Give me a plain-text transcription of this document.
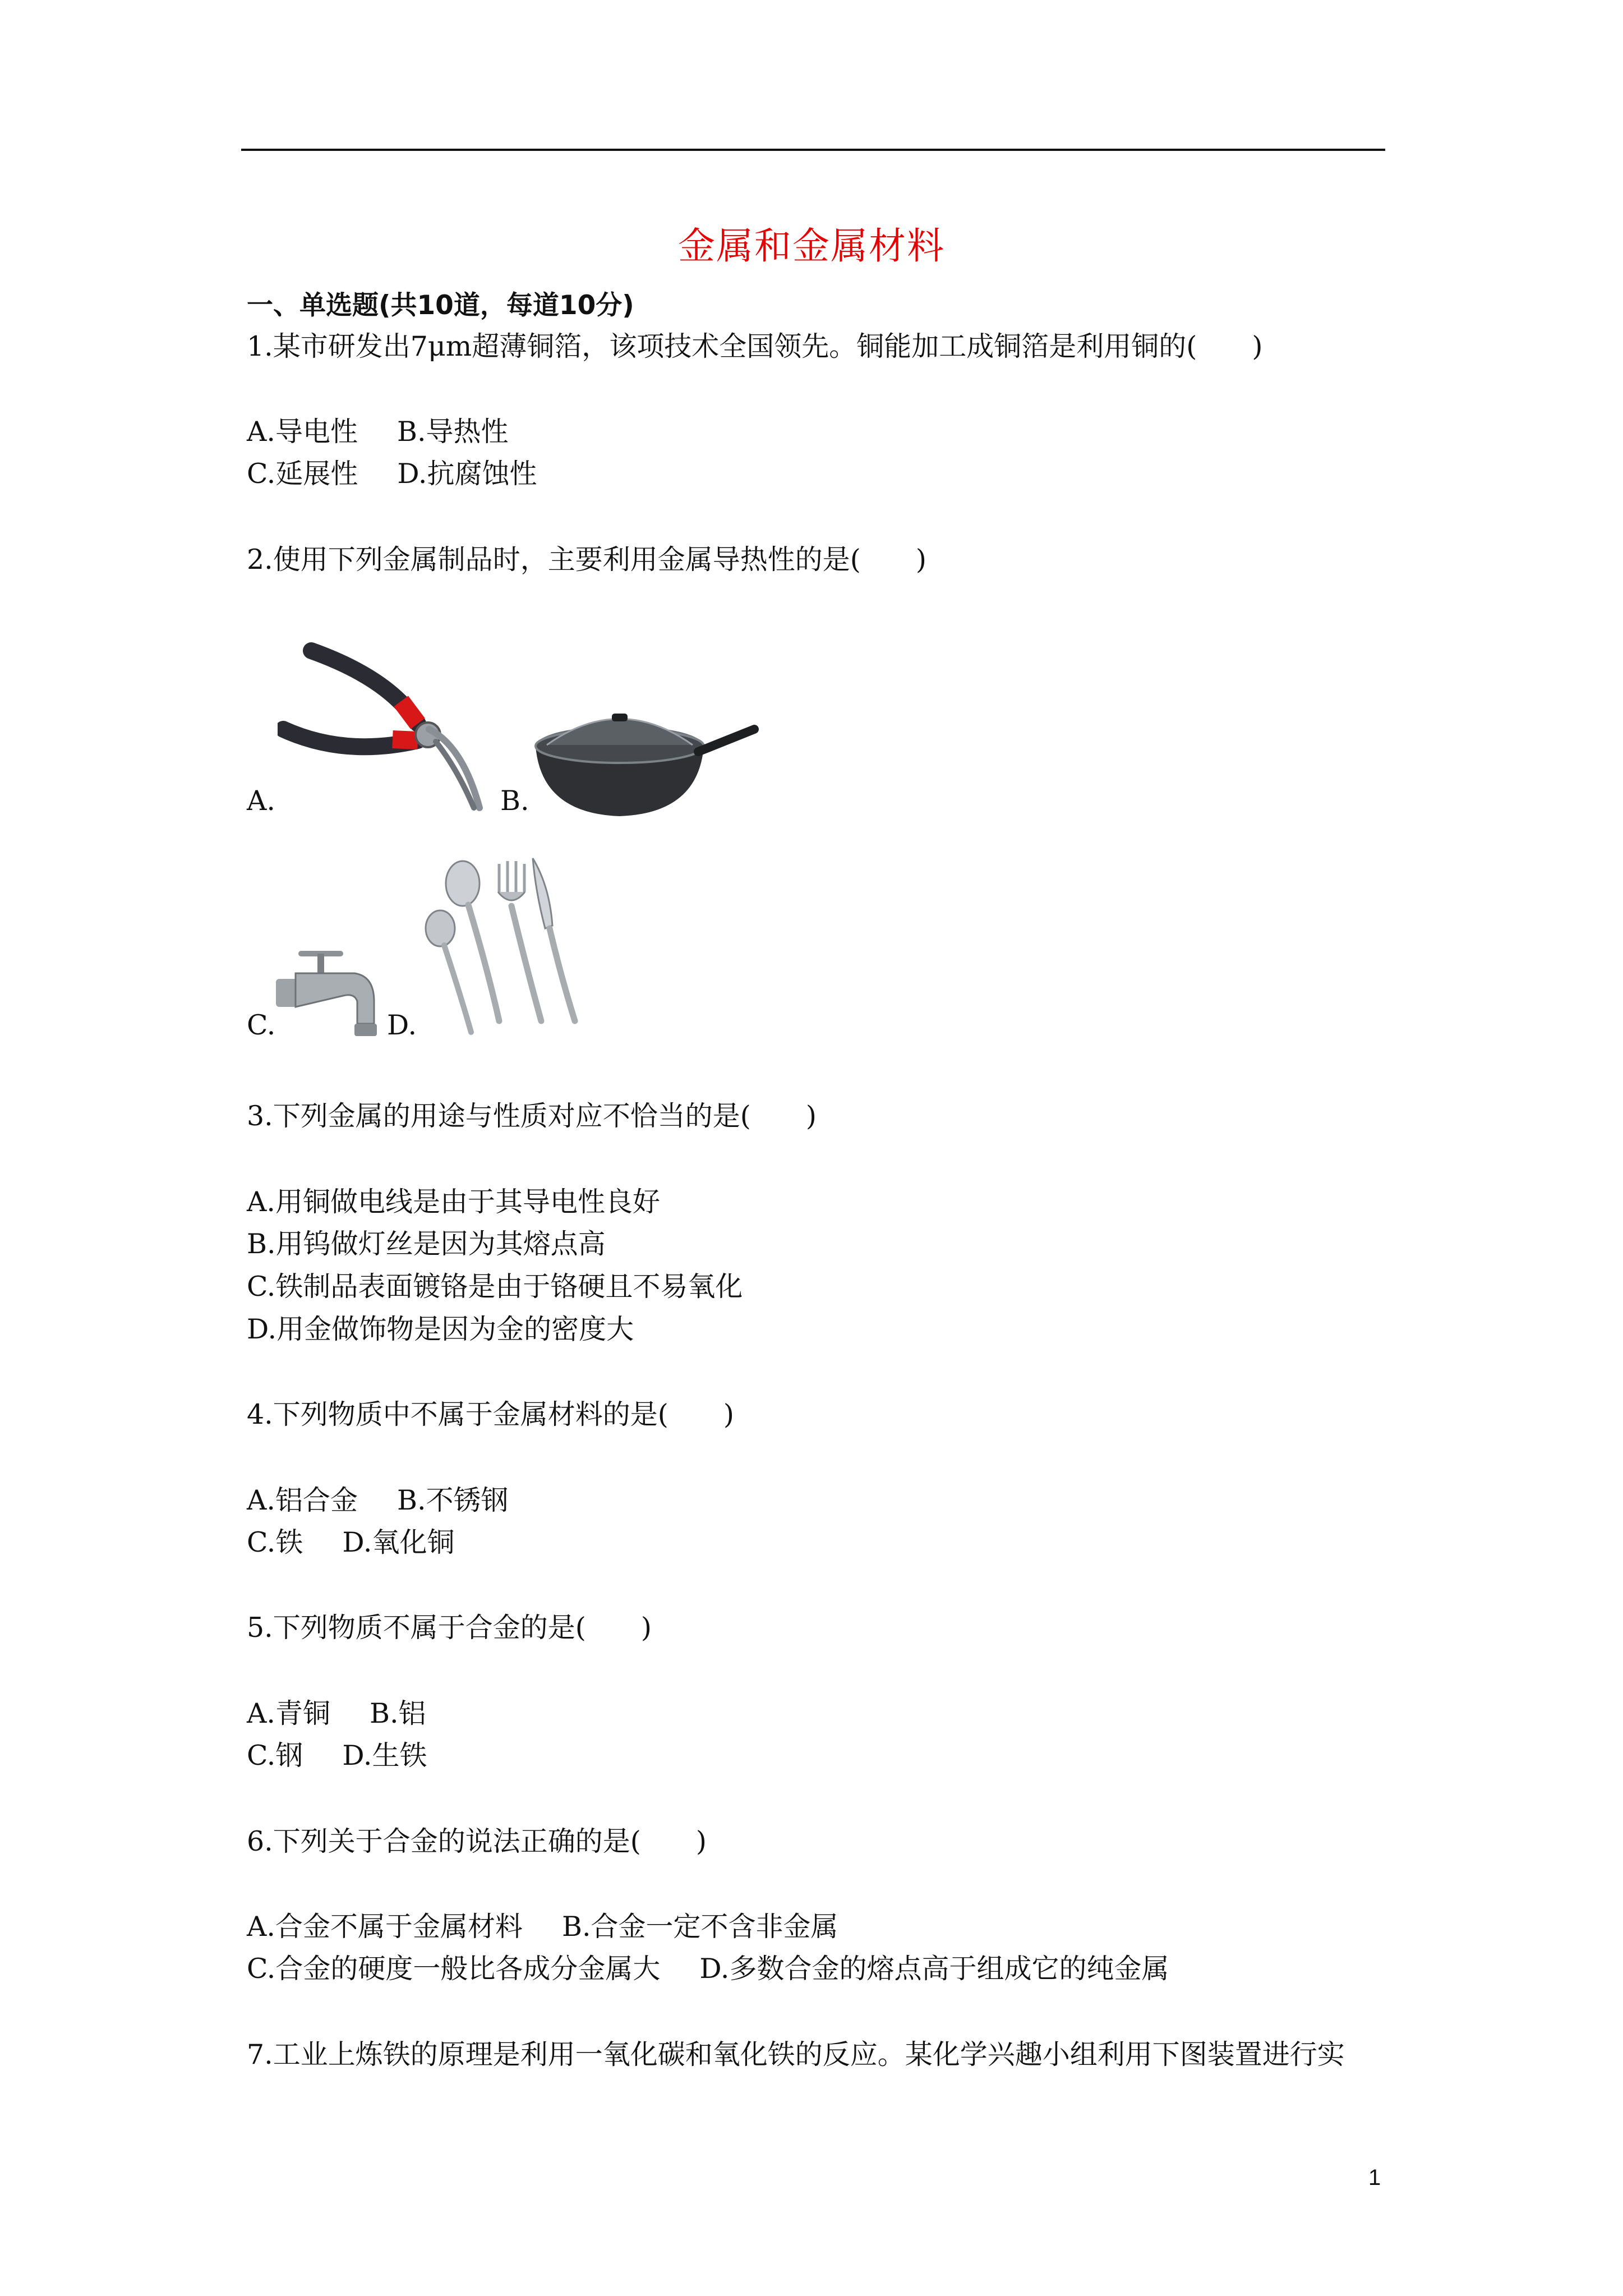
金属和金属材料
一、单选题(共10道，每道10分)
1.某市研发出7μm超薄铜箔，该项技术全国领先。铜能加工成铜箔是利用铜的(　　)
A.导电性 B.导热性
C.延展性 D.抗腐蚀性
2.使用下列金属制品时，主要利用金属导热性的是(　　)
A.	B.
C.	D.
3.下列金属的用途与性质对应不恰当的是(　　)
A.用铜做电线是由于其导电性良好
B.用钨做灯丝是因为其熔点高
C.铁制品表面镀铬是由于铬硬且不易氧化
D.用金做饰物是因为金的密度大
4.下列物质中不属于金属材料的是(　　)
A.铝合金 B.不锈钢
C.铁 D.氧化铜
5.下列物质不属于合金的是(　　)
A.青铜 B.铝
C.钢 D.生铁
6.下列关于合金的说法正确的是(　　)
A.合金不属于金属材料 B.合金一定不含非金属
C.合金的硬度一般比各成分金属大 D.多数合金的熔点高于组成它的纯金属
7.工业上炼铁的原理是利用一氧化碳和氧化铁的反应。某化学兴趣小组利用下图装置进行实
1
